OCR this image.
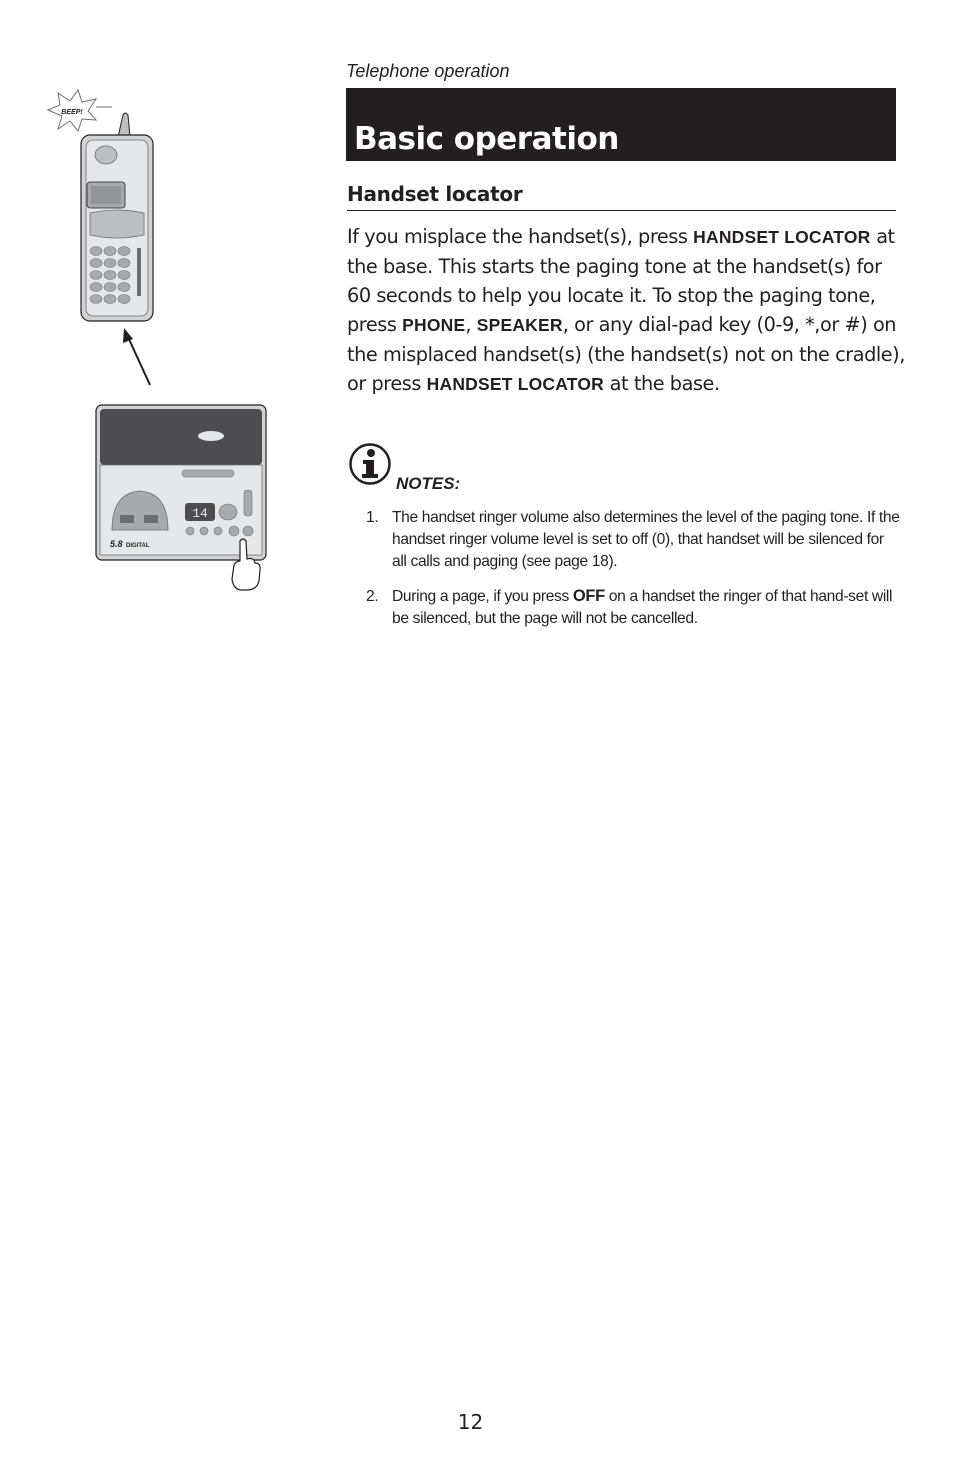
Telephone operation
Basic operation
Handset locator
If you misplace the handset(s), press HANDSET LOCATOR at the base. This starts the paging tone at the handset(s) for 60 seconds to help you locate it. To stop the paging tone, press PHONE, SPEAKER, or any dial-pad key (0-9, *,or #) on the misplaced handset(s) (the handset(s) not on the cradle), or press HANDSET LOCATOR at the base.
NOTES:
1. The handset ringer volume also determines the level of the paging tone. If the handset ringer volume level is set to off (0), that handset will be silenced for all calls and paging (see page 18).
2. During a page, if you press OFF on a handset the ringer of that hand-set will be silenced, but the page will not be cancelled.
BEEP!
14
5.8 DIGITAL
12
